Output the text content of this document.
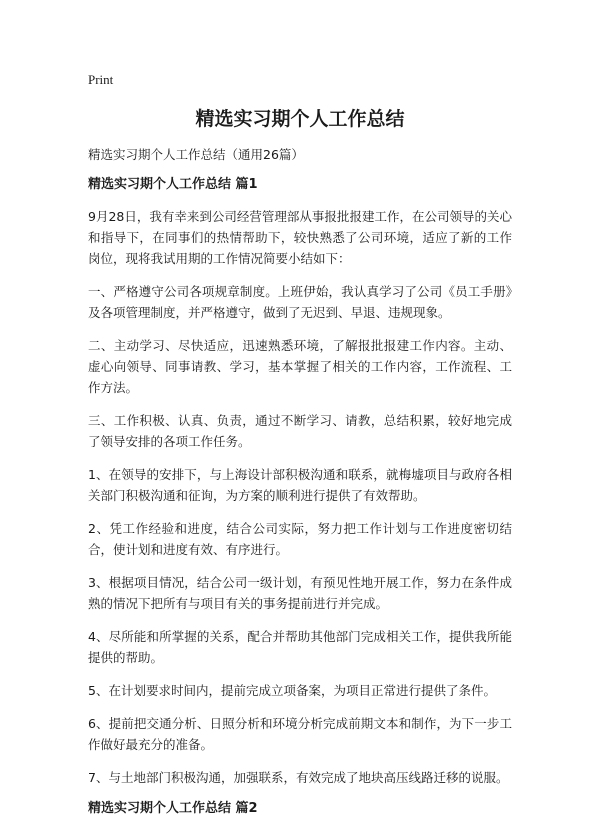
Print
精选实习期个人工作总结
精选实习期个人工作总结（通用26篇）
精选实习期个人工作总结 篇1

9月28日，我有幸来到公司经营管理部从事报批报建工作，在公司领导的关心和指导下，在同事们的热情帮助下，较快熟悉了公司环境，适应了新的工作岗位，现将我试用期的工作情况简要小结如下：

一、严格遵守公司各项规章制度。上班伊始，我认真学习了公司《员工手册》及各项管理制度，并严格遵守，做到了无迟到、早退、违规现象。

二、主动学习、尽快适应，迅速熟悉环境，了解报批报建工作内容。主动、虚心向领导、同事请教、学习，基本掌握了相关的工作内容，工作流程、工作方法。

三、工作积极、认真、负责，通过不断学习、请教，总结积累，较好地完成了领导安排的各项工作任务。

1、在领导的安排下，与上海设计部积极沟通和联系，就梅墟项目与政府各相关部门积极沟通和征询，为方案的顺利进行提供了有效帮助。

2、凭工作经验和进度，结合公司实际，努力把工作计划与工作进度密切结合，使计划和进度有效、有序进行。

3、根据项目情况，结合公司一级计划，有预见性地开展工作，努力在条件成熟的情况下把所有与项目有关的事务提前进行并完成。

4、尽所能和所掌握的关系，配合并帮助其他部门完成相关工作，提供我所能提供的帮助。

5、在计划要求时间内，提前完成立项备案，为项目正常进行提供了条件。

6、提前把交通分析、日照分析和环境分析完成前期文本和制作，为下一步工作做好最充分的准备。

7、与土地部门积极沟通，加强联系，有效完成了地块高压线路迁移的说服。

精选实习期个人工作总结 篇2
